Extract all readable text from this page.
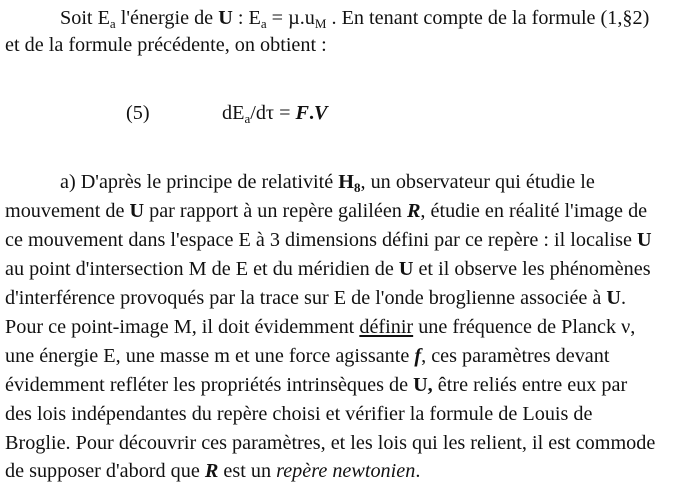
Soit $E_a$ l'énergie de U : $E_a = \mu.u_M$ . En tenant compte de la formule (1,§2)
et de la formule précédente, on obtient :
(5)	$dE_a/d\tau = F.V$
a) D'après le principe de relativité $H_8$, un observateur qui étudie le
mouvement de U par rapport à un repère galiléen R, étudie en réalité l'image de
ce mouvement dans l'espace E à 3 dimensions défini par ce repère : il localise U
au point d'intersection M de E et du méridien de U et il observe les phénomènes
d'interférence provoqués par la trace sur E de l'onde broglienne associée à U.
Pour ce point-image M, il doit évidemment définir une fréquence de Planck ν,
une énergie E, une masse m et une force agissante f, ces paramètres devant
évidemment refléter les propriétés intrinsèques de U, être reliés entre eux par
des lois indépendantes du repère choisi et vérifier la formule de Louis de
Broglie. Pour découvrir ces paramètres, et les lois qui les relient, il est commode
de supposer d'abord que R est un repère newtonien.
